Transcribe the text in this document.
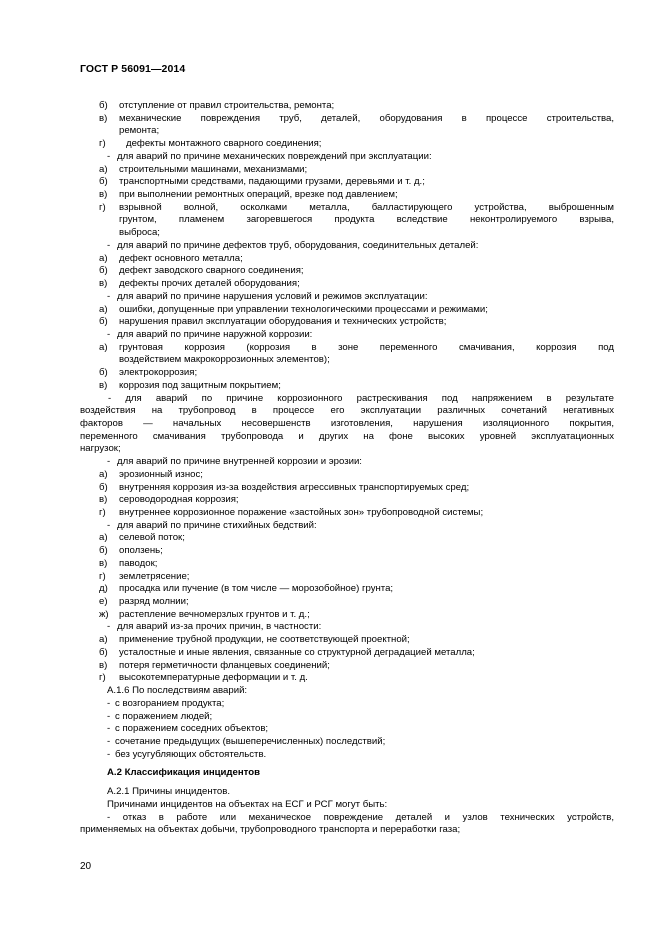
ГОСТ Р 56091—2014
б) отступление от правил строительства, ремонта;
в) механические повреждения труб, деталей, оборудования в процессе строительства,
ремонта;
г) дефекты монтажного сварного соединения;
- для аварий по причине механических повреждений при эксплуатации:
а) строительными машинами, механизмами;
б) транспортными средствами, падающими грузами, деревьями и т. д.;
в) при выполнении ремонтных операций, врезке под давлением;
г) взрывной волной, осколками металла, балластирующего устройства, выброшенным
грунтом, пламенем загоревшегося продукта вследствие неконтролируемого взрыва,
выброса;
- для аварий по причине дефектов труб, оборудования, соединительных деталей:
а) дефект основного металла;
б) дефект заводского сварного соединения;
в) дефекты прочих деталей оборудования;
- для аварий по причине нарушения условий и режимов эксплуатации:
а) ошибки, допущенные при управлении технологическими процессами и режимами;
б) нарушения правил эксплуатации оборудования и технических устройств;
- для аварий по причине наружной коррозии:
а) грунтовая коррозия (коррозия в зоне переменного смачивания, коррозия под
воздействием макрокоррозионных элементов);
б) электрокоррозия;
в) коррозия под защитным покрытием;
- для аварий по причине коррозионного растрескивания под напряжением в результате
воздействия на трубопровод в процессе его эксплуатации различных сочетаний негативных
факторов — начальных несовершенств изготовления, нарушения изоляционного покрытия,
переменного смачивания трубопровода и других на фоне высоких уровней эксплуатационных
нагрузок;
- для аварий по причине внутренней коррозии и эрозии:
а) эрозионный износ;
б) внутренняя коррозия из-за воздействия агрессивных транспортируемых сред;
в) сероводородная коррозия;
г) внутреннее коррозионное поражение «застойных зон» трубопроводной системы;
- для аварий по причине стихийных бедствий:
а) селевой поток;
б) оползень;
в) паводок;
г) землетрясение;
д) просадка или пучение (в том числе — морозобойное) грунта;
е) разряд молнии;
ж) растепление вечномерзлых грунтов и т. д.;
- для аварий из-за прочих причин, в частности:
а) применение трубной продукции, не соответствующей проектной;
б) усталостные и иные явления, связанные со структурной деградацией металла;
в) потеря герметичности фланцевых соединений;
г) высокотемпературные деформации и т. д.
А.1.6 По последствиям аварий:
- с возгоранием продукта;
- с поражением людей;
- с поражением соседних объектов;
- сочетание предыдущих (вышеперечисленных) последствий;
- без усугубляющих обстоятельств.
А.2 Классификация инцидентов
А.2.1 Причины инцидентов.
Причинами инцидентов на объектах на ЕСГ и РСГ могут быть:
- отказ в работе или механическое повреждение деталей и узлов технических устройств,
применяемых на объектах добычи, трубопроводного транспорта и переработки газа;
20
